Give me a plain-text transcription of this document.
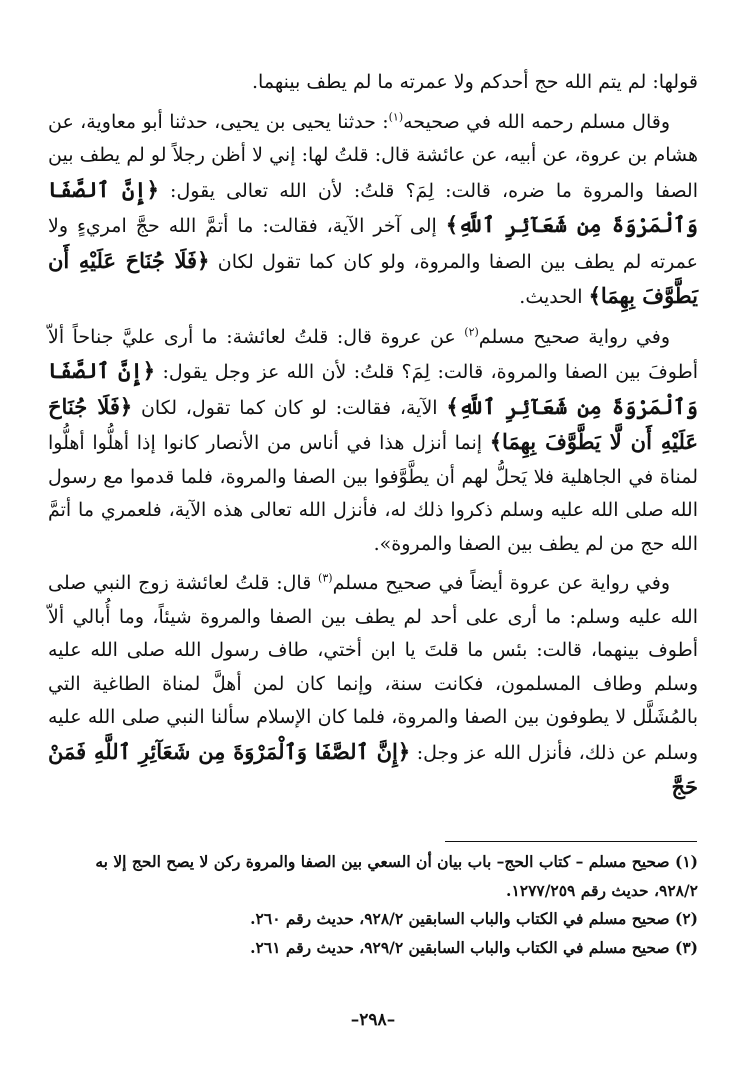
قولها: لم يتم الله حج أحدكم ولا عمرته ما لم يطف بينهما.

وقال مسلم رحمه الله في صحيحه$^{(١)}$: حدثنا يحيى بن يحيى، حدثنا أبو معاوية، عن هشام بن عروة، عن أبيه، عن عائشة قال: قلتُ لها: إني لا أظن رجلاً لو لم يطف بين الصفا والمروة ما ضره، قالت: لِمَ؟ قلتُ: لأن الله تعالى يقول: ﴿إِنَّ ٱلصَّفَا وَٱلْمَرْوَةَ مِن شَعَآئِرِ ٱللَّهِ﴾ إلى آخر الآية، فقالت: ما أتمَّ الله حجَّ امريءٍ ولا عمرته لم يطف بين الصفا والمروة، ولو كان كما تقول لكان ﴿فَلَا جُنَاحَ عَلَيْهِ أَن يَطَّوَّفَ بِهِمَا﴾ الحديث.

وفي رواية صحيح مسلم$^{(٢)}$ عن عروة قال: قلتُ لعائشة: ما أرى عليَّ جناحاً ألاّ أطوفَ بين الصفا والمروة، قالت: لِمَ؟ قلتُ: لأن الله عز وجل يقول: ﴿إِنَّ ٱلصَّفَا وَٱلْمَرْوَةَ مِن شَعَآئِرِ ٱللَّهِ﴾ الآية، فقالت: لو كان كما تقول، لكان ﴿فَلَا جُنَاحَ عَلَيْهِ أَن لَّا يَطَّوَّفَ بِهِمَا﴾ إنما أنزل هذا في أناس من الأنصار كانوا إذا أهلُّوا أهلُّوا لمناة في الجاهلية فلا يَحلُّ لهم أن يطَّوَّفوا بين الصفا والمروة، فلما قدموا مع رسول الله صلى الله عليه وسلم ذكروا ذلك له، فأنزل الله تعالى هذه الآية، فلعمري ما أتمَّ الله حج من لم يطف بين الصفا والمروة».

وفي رواية عن عروة أيضاً في صحيح مسلم$^{(٣)}$ قال: قلتُ لعائشة زوج النبي صلى الله عليه وسلم: ما أرى على أحد لم يطف بين الصفا والمروة شيئاً، وما أُبالي ألاّ أطوف بينهما، قالت: بئس ما قلتَ يا ابن أختي، طاف رسول الله صلى الله عليه وسلم وطاف المسلمون، فكانت سنة، وإنما كان لمن أهلَّ لمناة الطاغية التي بالمُشَلَّل لا يطوفون بين الصفا والمروة، فلما كان الإسلام سألنا النبي صلى الله عليه وسلم عن ذلك، فأنزل الله عز وجل: ﴿إِنَّ ٱلصَّفَا وَٱلْمَرْوَةَ مِن شَعَآئِرِ ٱللَّهِ فَمَنْ حَجَّ

(١) صحيح مسلم – كتاب الحج– باب بيان أن السعي بين الصفا والمروة ركن لا يصح الحج إلا به ٩٢٨/٢، حديث رقم ١٢٧٧/٢٥٩.

(٢) صحيح مسلم في الكتاب والباب السابقين ٩٢٨/٢، حديث رقم ٢٦٠.

(٣) صحيح مسلم في الكتاب والباب السابقين ٩٢٩/٢، حديث رقم ٢٦١.

–٢٩٨–
